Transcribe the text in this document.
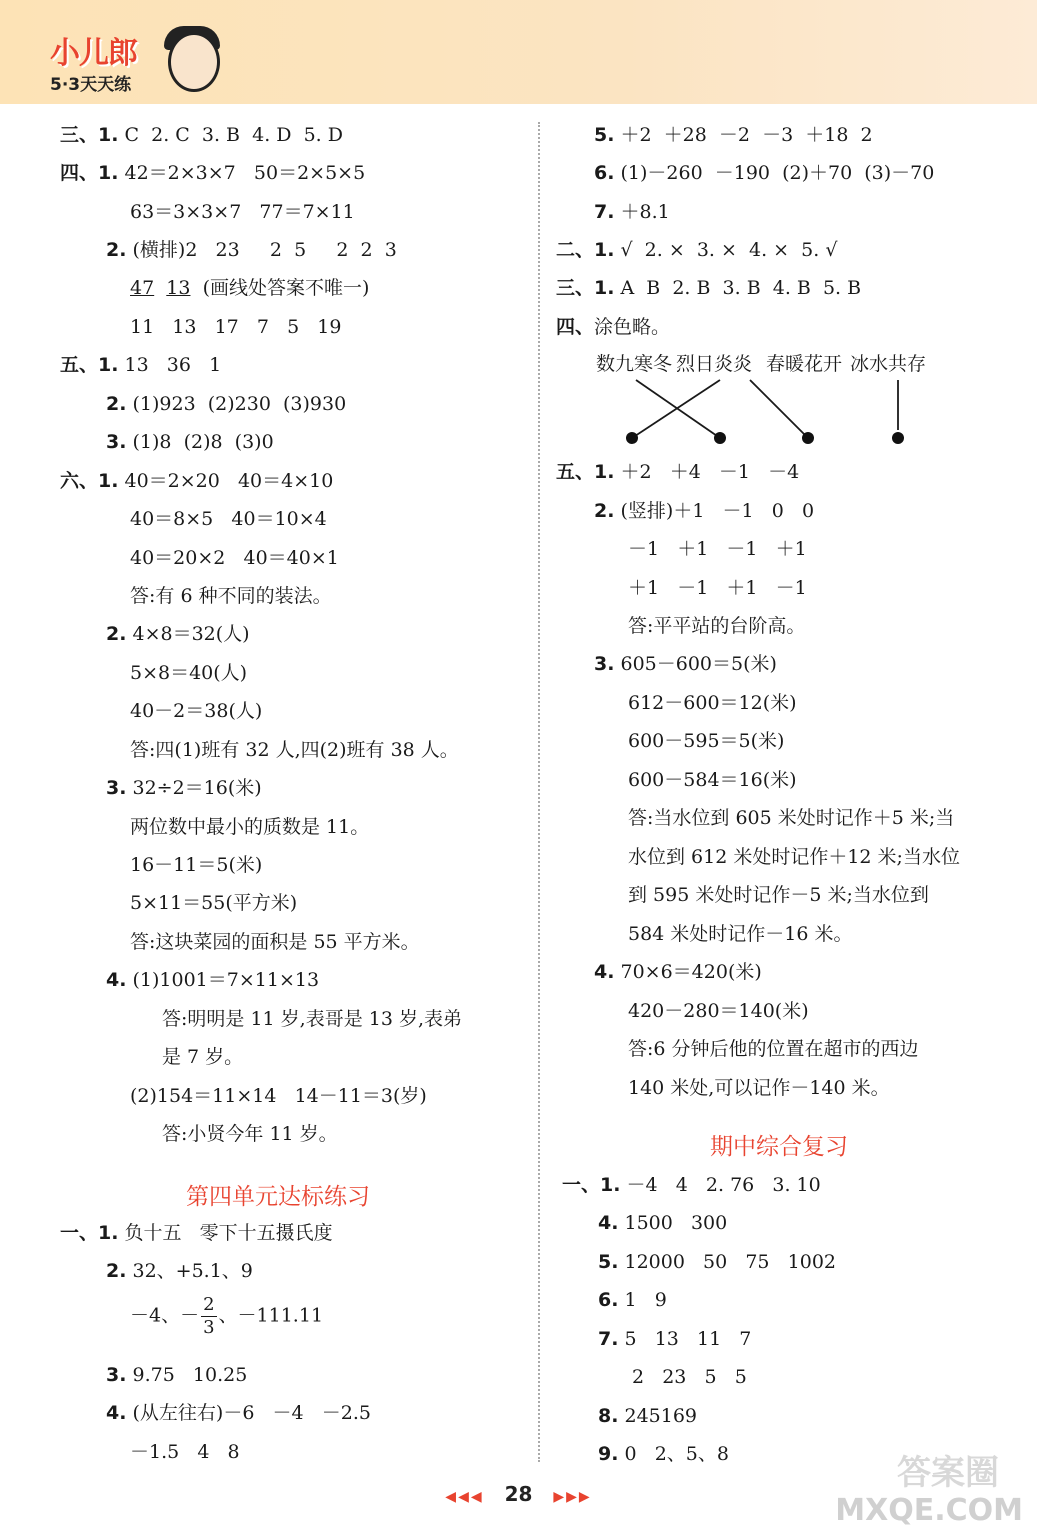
小儿郎
5·3天天练
三、1. C  2. C  3. B  4. D  5. D
四、1. 42＝2×3×7   50＝2×5×5
63＝3×3×7   77＝7×11
2. (横排)2   23     2  5     2  2  3
47 13 (画线处答案不唯一)
11   13   17   7   5   19
五、1. 13   36   1
2. (1)923  (2)230  (3)930
3. (1)8  (2)8  (3)0
六、1. 40＝2×20   40＝4×10
40＝8×5   40＝10×4
40＝20×2   40＝40×1
答:有 6 种不同的装法。
2. 4×8＝32(人)
5×8＝40(人)
40－2＝38(人)
答:四(1)班有 32 人,四(2)班有 38 人。
3. 32÷2＝16(米)
两位数中最小的质数是 11。
16－11＝5(米)
5×11＝55(平方米)
答:这块菜园的面积是 55 平方米。
4. (1)1001＝7×11×13
答:明明是 11 岁,表哥是 13 岁,表弟
是 7 岁。
(2)154＝11×14   14－11＝3(岁)
答:小贤今年 11 岁。
一、1. 负十五   零下十五摄氏度
2. 32、+5.1、9
－4、－ $\frac{2}{3}$ 、－111.11
3. 9.75   10.25
4. (从左往右)－6   －4   －2.5
－1.5   4   8
5. ＋2  ＋28  －2  －3  ＋18  2
6. (1)－260  －190  (2)＋70  (3)－70
7. ＋8.1
二、1. √  2. ×  3. ×  4. ×  5. √
三、1. A  B  2. B  3. B  4. B  5. B
四、涂色略。
五、1. ＋2   ＋4   －1   －4
2. (竖排)＋1   －1   0   0
－1   ＋1   －1   ＋1
＋1   －1   ＋1   －1
答:平平站的台阶高。
3. 605－600＝5(米)
612－600＝12(米)
600－595＝5(米)
600－584＝16(米)
答:当水位到 605 米处时记作＋5 米;当
水位到 612 米处时记作＋12 米;当水位
到 595 米处时记作－5 米;当水位到
584 米处时记作－16 米。
4. 70×6＝420(米)
420－280＝140(米)
答:6 分钟后他的位置在超市的西边
140 米处,可以记作－140 米。
一、1. －4   4   2. 76   3. 10
4. 1500   300
5. 12000   50   75   1002
6. 1   9
7. 5   13   11   7
2   23   5   5
8. 245169
9. 0   2、5、8
第四单元达标练习
期中综合复习
数九寒冬 烈日炎炎 春暖花开 冰水共存
◀◀◀ 28 ▶▶▶
答案圈
MXQE.COM
